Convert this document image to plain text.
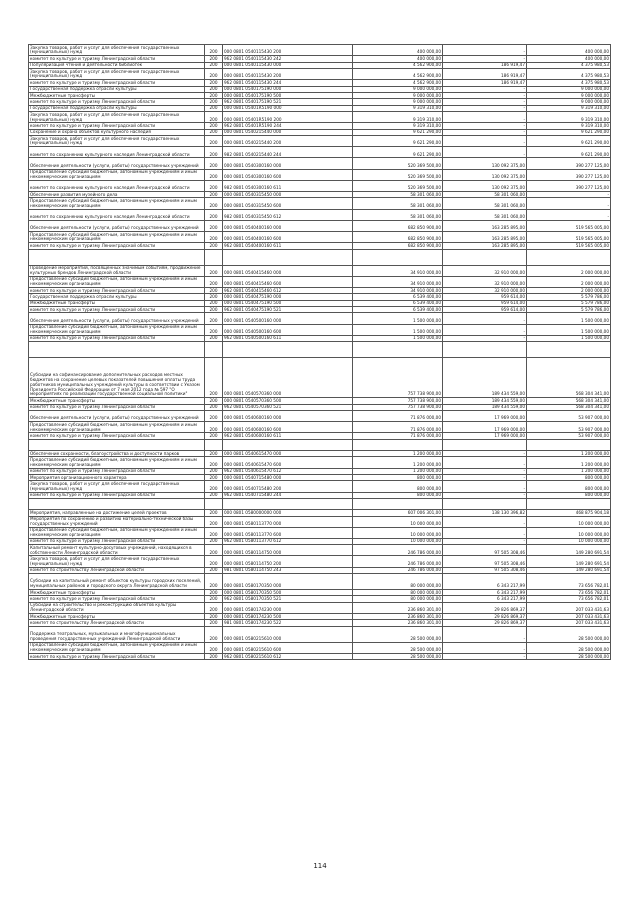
Закупка товаров, работ и услуг для обеспечения государственных (муниципальных) нужд	200	000 0801 0540115430 200	400 000,00	-	400 000,00
комитет по культуре и туризму Ленинградской области	200	962 0801 0540115430 242	400 000,00	-	400 000,00
Популяризация чтения и деятельности библиотек	200	000 0801 0540115430 000	4 562 900,00	186 919,47	4 375 980,53
Закупка товаров, работ и услуг для обеспечения государственных (муниципальных) нужд	200	000 0801 0540115430 200	4 562 900,00	186 919,47	4 375 980,53
комитет по культуре и туризму Ленинградской области	200	962 0801 0540115430 244	4 562 900,00	186 919,47	4 375 980,53
Государственная поддержка отрасли культуры	200	000 0801 0540175190 000	9 000 000,00	-	9 000 000,00
Межбюджетные трансферты	200	000 0801 0540175190 500	9 000 000,00	-	9 000 000,00
комитет по культуре и туризму Ленинградской области	200	962 0801 0540175190 521	9 000 000,00	-	9 000 000,00
Государственная поддержка отрасли культуры	200	000 0801 05401R5190 000	9 319 310,00	-	9 319 310,00
Закупка товаров, работ и услуг для обеспечения государственных (муниципальных) нужд	200	000 0801 05401R5190 200	9 319 310,00	-	9 319 310,00
комитет по культуре и туризму Ленинградской области	200	962 0801 05401R5190 244	9 319 310,00	-	9 319 310,00
Сохранение и охрана объектов культурного наследия	200	000 0801 0540215440 000	9 621 290,00	-	9 621 290,00
Закупка товаров, работ и услуг для обеспечения государственных (муниципальных) нужд	200	000 0801 0540215440 200	9 621 290,00	-	9 621 290,00
комитет по сохранению культурного наследия Ленинградской области	200	982 0801 0540215440 244	9 621 290,00	-	9 621 290,00
Обеспечение деятельности (услуги, работы) государственных учреждений	200	000 0801 0540300160 000	520 369 500,00	130 092 375,00	390 277 125,00
Предоставление субсидий бюджетным, автономным учреждениям и иным некоммерческим организациям	200	000 0801 0540300160 600	520 369 500,00	130 092 375,00	390 277 125,00
комитет по сохранению культурного наследия Ленинградской области	200	982 0801 0540300160 611	520 369 500,00	130 092 375,00	390 277 125,00
Обеспечение развития музейного дела	200	000 0801 0540315450 000	58 301 060,00	58 301 060,00	-
Предоставление субсидий бюджетным, автономным учреждениям и иным некоммерческим организациям	200	000 0801 0540315450 600	58 301 060,00	58 301 060,00	-
комитет по сохранению культурного наследия Ленинградской области	200	982 0801 0540315450 612	58 301 060,00	58 301 060,00	-
Обеспечение деятельности (услуги, работы) государственных учреждений	200	000 0801 0540400160 000	682 850 900,00	163 285 895,00	519 565 005,00
Предоставление субсидий бюджетным, автономным учреждениям и иным некоммерческим организациям	200	000 0801 0540400160 600	682 850 900,00	163 285 895,00	519 565 005,00
комитет по культуре и туризму Ленинградской области	200	962 0801 0540400160 611	682 850 900,00	163 285 895,00	519 565 005,00

Проведение мероприятий, посвященных значимым событиям, продвижение культурных брендов Ленинградской области	200	000 0801 0540415460 000	34 910 000,00	32 910 000,00	2 000 000,00
Предоставление субсидий бюджетным, автономным учреждениям и иным некоммерческим организациям	200	000 0801 0540415460 600	34 910 000,00	32 910 000,00	2 000 000,00
комитет по культуре и туризму Ленинградской области	200	962 0801 0540415460 612	34 910 000,00	32 910 000,00	2 000 000,00
Государственная поддержка отрасли культуры	200	000 0801 0540475190 000	6 539 400,00	959 614,00	5 579 786,00
Межбюджетные трансферты	200	000 0801 0540475190 500	6 539 400,00	959 614,00	5 579 786,00
комитет по культуре и туризму Ленинградской области	200	962 0801 0540475190 521	6 539 400,00	959 614,00	5 579 786,00
Обеспечение деятельности (услуги, работы) государственных учреждений	200	000 0801 0540500160 000	1 500 000,00	-	1 500 000,00
Предоставление субсидий бюджетным, автономным учреждениям и иным некоммерческим организациям	200	000 0801 0540500160 600	1 500 000,00	-	1 500 000,00
комитет по культуре и туризму Ленинградской области	200	962 0801 0540500160 611	1 500 000,00	-	1 500 000,00

Субсидии на софинансирование дополнительных расходов местных бюджетов на сохранение целевых показателей повышения оплаты труда работников муниципальных учреждений культуры в соответствии с Указом Президента Российской Федерации от 7 мая 2012 года № 597 "О мероприятиях по реализации государственной социальной политики"	200	000 0801 0540570360 000	757 738 900,00	189 434 559,00	568 304 341,00
Межбюджетные трансферты	200	000 0801 0540570360 500	757 738 900,00	189 434 559,00	568 304 341,00
комитет по культуре и туризму Ленинградской области	200	962 0801 0540570360 521	757 738 900,00	189 434 559,00	568 304 341,00
Обеспечение деятельности (услуги, работы) государственных учреждений	200	000 0801 0540600160 000	71 876 000,00	17 969 000,00	53 907 000,00
Предоставление субсидий бюджетным, автономным учреждениям и иным некоммерческим организациям	200	000 0801 0540600160 600	71 876 000,00	17 969 000,00	53 907 000,00
комитет по культуре и туризму Ленинградской области	200	962 0801 0540600160 611	71 876 000,00	17 969 000,00	53 907 000,00

Обеспечение сохранности, благоустройства и доступности парков	200	000 0801 0540615470 000	1 200 000,00	-	1 200 000,00
Предоставление субсидий бюджетным, автономным учреждениям и иным некоммерческим организациям	200	000 0801 0540615470 600	1 200 000,00	-	1 200 000,00
комитет по культуре и туризму Ленинградской области	200	962 0801 0540615470 612	1 200 000,00	-	1 200 000,00
Мероприятия организационного характера	200	000 0801 0540715480 000	800 000,00	-	800 000,00
Закупка товаров, работ и услуг для обеспечения государственных (муниципальных) нужд	200	000 0801 0540715480 200	800 000,00	-	800 000,00
комитет по культуре и туризму Ленинградской области	200	962 0801 0540715480 244	800 000,00	-	800 000,00

Мероприятия, направленные на достижение целей проектов	200	000 0801 0580000000 000	607 006 301,00	138 130 396,82	468 875 904,18
Мероприятия по сохранению и развитию материально-технической базы государственных учреждений	200	000 0801 0580113770 000	10 000 000,00	-	10 000 000,00
Предоставление субсидий бюджетным, автономным учреждениям и иным некоммерческим организациям	200	000 0801 0580113770 600	10 000 000,00	-	10 000 000,00
комитет по культуре и туризму Ленинградской области	200	962 0801 0580113770 612	10 000 000,00	-	10 000 000,00
Капитальный ремонт культурно-досуговых учреждений, находящихся в собственности Ленинградской области	200	000 0801 0580114750 000	246 786 000,00	97 505 308,46	149 280 691,54
Закупка товаров, работ и услуг для обеспечения государственных (муниципальных) нужд	200	000 0801 0580114750 200	246 786 000,00	97 505 308,46	149 280 691,54
комитет по строительству Ленинградской области	200	981 0801 0580114750 243	246 786 000,00	97 505 308,46	149 280 691,54
Субсидии на капитальный ремонт объектов культуры городских поселений, муниципальных районов и городского округа Ленинградской области	200	000 0801 0580170350 000	80 000 000,00	6 343 217,99	73 656 782,01
Межбюджетные трансферты	200	000 0801 0580170350 500	80 000 000,00	6 343 217,99	73 656 782,01
комитет по культуре и туризму Ленинградской области	200	962 0801 0580170350 521	80 000 000,00	6 343 217,99	73 656 782,01
Субсидии на строительство и реконструкцию объектов культуры Ленинградской области	200	000 0801 0580174230 000	236 860 301,00	29 826 869,37	207 033 431,63
Межбюджетные трансферты	200	000 0801 0580174230 500	236 860 301,00	29 826 869,37	207 033 431,63
комитет по строительству Ленинградской области	200	981 0801 0580174230 522	236 860 301,00	29 826 869,37	207 033 431,63
Поддержка театральных, музыкальных и многофункциональных проведения государственных учреждений Ленинградской области	200	000 0801 0580215610 000	28 500 000,00	-	28 500 000,00
Предоставление субсидий бюджетным, автономным учреждениям и иным некоммерческим организациям	200	000 0801 0580215610 600	28 500 000,00	-	28 500 000,00
комитет по культуре и туризму Ленинградской области	200	962 0801 0580215610 612	28 500 000,00	-	28 500 000,00
114
